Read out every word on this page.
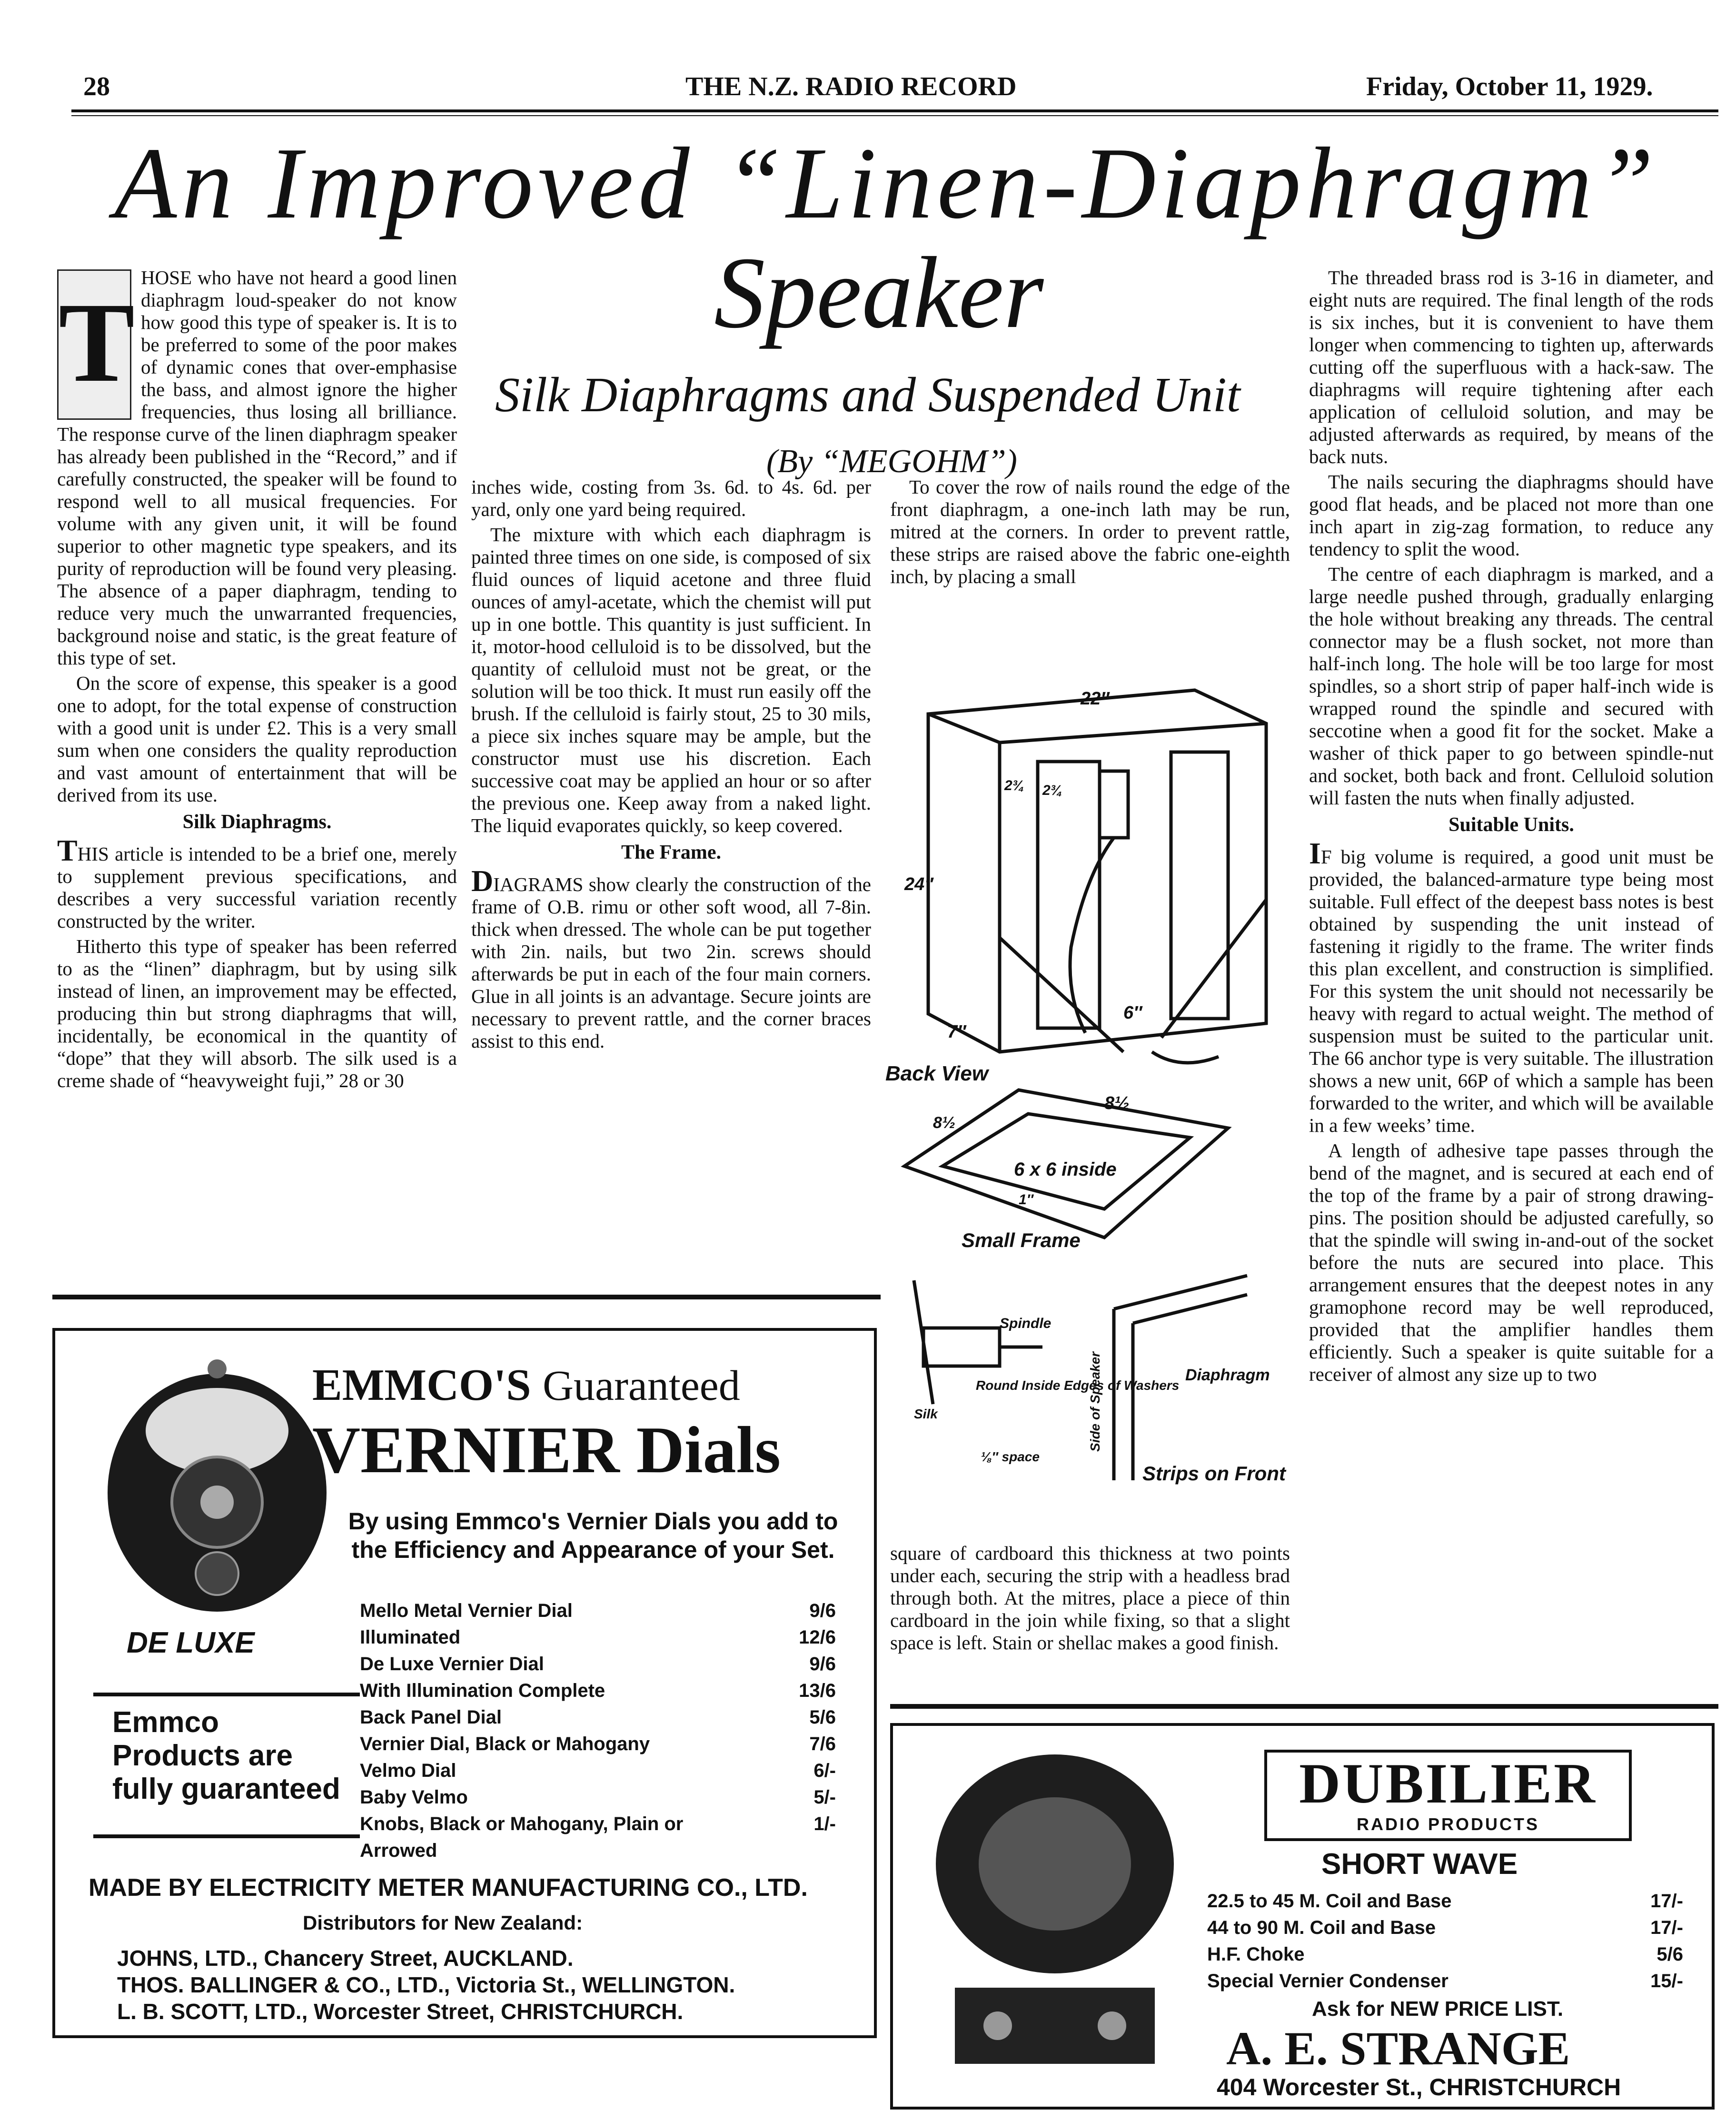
28	THE N.Z. RADIO RECORD	Friday, October 11, 1929.
An Improved “Linen-Diaphragm”
Speaker
Silk Diaphragms and Suspended Unit
(By “MEGOHM”)
T

HOSE who have not heard a good linen diaphragm loud-speaker do not know how good this type of speaker is. It is to be preferred to some of the poor makes of dynamic cones that over-emphasise the bass, and almost ignore the higher frequencies, thus losing all brilliance. The response curve of the linen diaphragm speaker has already been published in the “Record,” and if carefully constructed, the speaker will be found to respond well to all musical frequencies. For volume with any given unit, it will be found superior to other magnetic type speakers, and its purity of reproduction will be found very pleasing. The absence of a paper diaphragm, tending to reduce very much the unwarranted frequencies, background noise and static, is the great feature of this type of set.

On the score of expense, this speaker is a good one to adopt, for the total expense of construction with a good unit is under £2. This is a very small sum when one considers the quality reproduction and vast amount of entertainment that will be derived from its use.

Silk Diaphragms.

THIS article is intended to be a brief one, merely to supplement previous specifications, and describes a very successful variation recently constructed by the writer.

Hitherto this type of speaker has been referred to as the “linen” diaphragm, but by using silk instead of linen, an improvement may be effected, producing thin but strong diaphragms that will, incidentally, be economical in the quantity of “dope” that they will absorb. The silk used is a creme shade of “heavyweight fuji,” 28 or 30

inches wide, costing from 3s. 6d. to 4s. 6d. per yard, only one yard being required.

The mixture with which each diaphragm is painted three times on one side, is composed of six fluid ounces of liquid acetone and three fluid ounces of amyl-acetate, which the chemist will put up in one bottle. This quantity is just sufficient. In it, motor-hood celluloid is to be dissolved, but the quantity of celluloid must not be great, or the solution will be too thick. It must run easily off the brush. If the celluloid is fairly stout, 25 to 30 mils, a piece six inches square may be ample, but the constructor must use his discretion. Each successive coat may be applied an hour or so after the previous one. Keep away from a naked light. The liquid evaporates quickly, so keep covered.

The Frame.

DIAGRAMS show clearly the construction of the frame of O.B. rimu or other soft wood, all 7-8in. thick when dressed. The whole can be put together with 2in. nails, but two 2in. screws should afterwards be put in each of the four main corners. Glue in all joints is an advantage. Secure joints are necessary to prevent rattle, and the corner braces assist to this end.

To cover the row of nails round the edge of the front diaphragm, a one-inch lath may be run, mitred at the corners. In order to prevent rattle, these strips are raised above the fabric one-eighth inch, by placing a small

22″
24″
7″
6″
2¾ 2¾
Back View
8½
8½
6 x 6 inside
1″
Small Frame
Spindle
Round Inside Edges of Washers
Silk
⅛″ space
Side of Speaker	Diaphragm
Strips on Front

square of cardboard this thickness at two points under each, securing the strip with a headless brad through both. At the mitres, place a piece of thin cardboard in the join while fixing, so that a slight space is left. Stain or shellac makes a good finish.

The threaded brass rod is 3-16 in diameter, and eight nuts are required. The final length of the rods is six inches, but it is convenient to have them longer when commencing to tighten up, afterwards cutting off the superfluous with a hack-saw. The diaphragms will require tightening after each application of celluloid solution, and may be adjusted afterwards as required, by means of the back nuts.

The nails securing the diaphragms should have good flat heads, and be placed not more than one inch apart in zig-zag formation, to reduce any tendency to split the wood.

The centre of each diaphragm is marked, and a large needle pushed through, gradually enlarging the hole without breaking any threads. The central connector may be a flush socket, not more than half-inch long. The hole will be too large for most spindles, so a short strip of paper half-inch wide is wrapped round the spindle and secured with seccotine when a good fit for the socket. Make a washer of thick paper to go between spindle-nut and socket, both back and front. Celluloid solution will fasten the nuts when finally adjusted.

Suitable Units.

IF big volume is required, a good unit must be provided, the balanced-armature type being most suitable. Full effect of the deepest bass notes is best obtained by suspending the unit instead of fastening it rigidly to the frame. The writer finds this plan excellent, and construction is simplified. For this system the unit should not necessarily be heavy with regard to actual weight. The method of suspension must be suited to the particular unit. The 66 anchor type is very suitable. The illustration shows a new unit, 66P of which a sample has been forwarded to the writer, and which will be available in a few weeks’ time.

A length of adhesive tape passes through the bend of the magnet, and is secured at each end of the top of the frame by a pair of strong drawing-pins. The position should be adjusted carefully, so that the spindle will swing in-and-out of the socket before the nuts are secured into place. This arrangement ensures that the deepest notes in any gramophone record may be well reproduced, provided that the amplifier handles them efficiently. Such a speaker is quite suitable for a receiver of almost any size up to two

DE LUXE
Emmco Products are fully guaranteed
EMMCO'S Guaranteed
VERNIER Dials
By using Emmco's Vernier Dials you add to the Efficiency and Appearance of your Set.
Mello Metal Vernier Dial	9/6
Illuminated	12/6
De Luxe Vernier Dial	9/6
With Illumination Complete	13/6
Back Panel Dial	5/6
Vernier Dial, Black or Mahogany	7/6
Velmo Dial	6/-
Baby Velmo	5/-
Knobs, Black or Mahogany, Plain or Arrowed
1/-
MADE BY ELECTRICITY METER MANUFACTURING CO., LTD.
Distributors for New Zealand:
JOHNS, LTD., Chancery Street, AUCKLAND.
THOS. BALLINGER & CO., LTD., Victoria St., WELLINGTON.
L. B. SCOTT, LTD., Worcester Street, CHRISTCHURCH.
DUBILIER
RADIO PRODUCTS
SHORT WAVE
22.5 to 45 M. Coil and Base	17/-
44 to 90 M. Coil and Base	17/-
H.F. Choke	5/6
Special Vernier Condenser	15/-
Ask for NEW PRICE LIST.
A. E. STRANGE
404 Worcester St., CHRISTCHURCH
